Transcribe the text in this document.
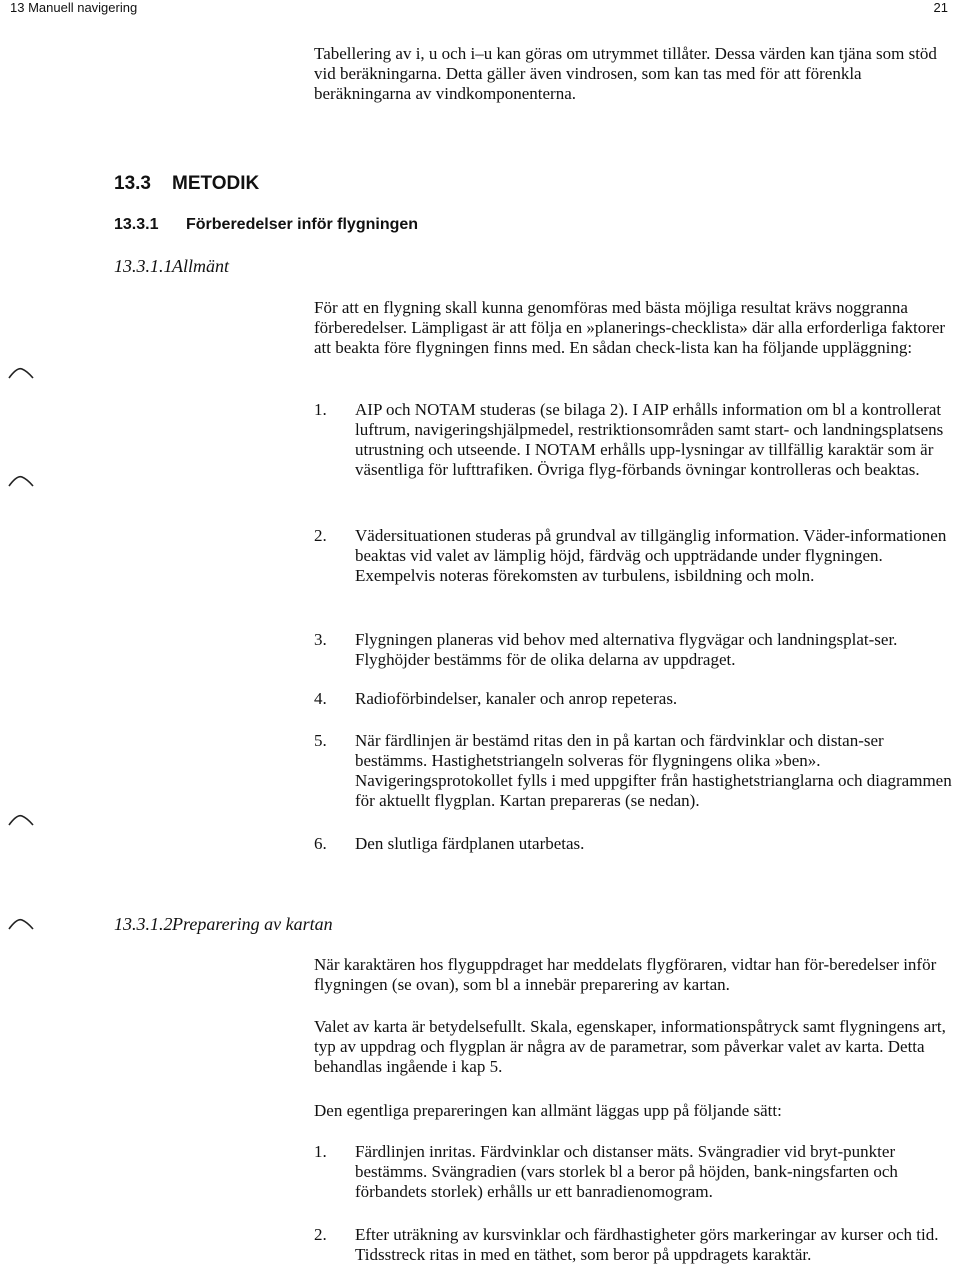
13 Manuell navigering	21
Tabellering av i, u och i–u kan göras om utrymmet tillåter. Dessa värden kan tjäna som stöd vid beräkningarna. Detta gäller även vindrosen, som kan tas med för att förenkla beräkningarna av vindkomponenterna.
13.3 METODIK
13.3.1 Förberedelser inför flygningen
13.3.1.1 Allmänt
För att en flygning skall kunna genomföras med bästa möjliga resultat krävs noggranna förberedelser. Lämpligast är att följa en »planerings-checklista» där alla erforderliga faktorer att beakta före flygningen finns med. En sådan check-lista kan ha följande uppläggning:
1. AIP och NOTAM studeras (se bilaga 2). I AIP erhålls information om bl a kontrollerat luftrum, navigeringshjälpmedel, restriktionsområden samt start- och landningsplatsens utrustning och utseende. I NOTAM erhålls upp-lysningar av tillfällig karaktär som är väsentliga för lufttrafiken. Övriga flyg-förbands övningar kontrolleras och beaktas.
2. Vädersituationen studeras på grundval av tillgänglig information. Väder-informationen beaktas vid valet av lämplig höjd, färdväg och uppträdande under flygningen. Exempelvis noteras förekomsten av turbulens, isbildning och moln.
3. Flygningen planeras vid behov med alternativa flygvägar och landningsplat-ser. Flyghöjder bestämms för de olika delarna av uppdraget.
4. Radioförbindelser, kanaler och anrop repeteras.
5. När färdlinjen är bestämd ritas den in på kartan och färdvinklar och distan-ser bestämms. Hastighetstriangeln solveras för flygningens olika »ben». Navigeringsprotokollet fylls i med uppgifter från hastighetstrianglarna och diagrammen för aktuellt flygplan. Kartan prepareras (se nedan).
6. Den slutliga färdplanen utarbetas.
13.3.1.2 Preparering av kartan
När karaktären hos flyguppdraget har meddelats flygföraren, vidtar han för-beredelser inför flygningen (se ovan), som bl a innebär preparering av kartan.
Valet av karta är betydelsefullt. Skala, egenskaper, informationspåtryck samt flygningens art, typ av uppdrag och flygplan är några av de parametrar, som påverkar valet av karta. Detta behandlas ingående i kap 5.
Den egentliga prepareringen kan allmänt läggas upp på följande sätt:
1. Färdlinjen inritas. Färdvinklar och distanser mäts. Svängradier vid bryt-punkter bestämms. Svängradien (vars storlek bl a beror på höjden, bank-ningsfarten och förbandets storlek) erhålls ur ett banradienomogram.
2. Efter uträkning av kursvinklar och färdhastigheter görs markeringar av kurser och tid. Tidsstreck ritas in med en täthet, som beror på uppdragets karaktär.
